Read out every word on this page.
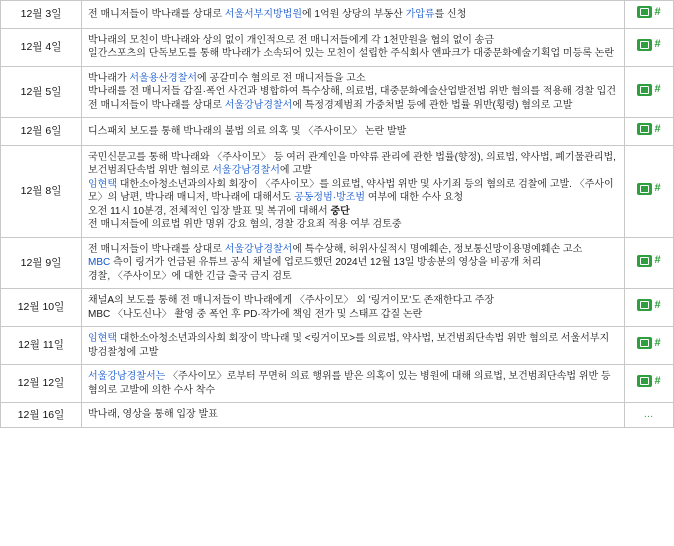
12월 3일	전 매니저들이 박나래를 상대로 서울서부지방법원에 1억원 상당의 부동산 가압류를 신청	#

12월 4일	박나래의 모친이 박나래와 상의 없이 개인적으로 전 매니저들에게 각 1천만원을 협의 없이 송금
일간스포츠의 단독보도를 통해 박나래가 소속되어 있는 모친이 설립한 주식회사 앤파크가 대중문화예술기획업 미등록 논란	#

12월 5일	박나래가 서울용산경찰서에 공갈미수 혐의로 전 매니저들을 고소
박나래를 전 매니저들 갑질·폭언 사건과 병합하여 특수상해, 의료법, 대중문화예술산업발전법 위반 혐의를 적용해 경찰 입건
전 매니저들이 박나래를 상대로 서울강남경찰서에 특정경제범죄 가중처벌 등에 관한 법률 위반(횡령) 혐의로 고발	#

12월 6일	디스패치 보도를 통해 박나래의 불법 의료 의혹 및 〈주사이모〉 논란 발발	#

12월 8일	국민신문고를 통해 박나래와 〈주사이모〉 등 여러 관계인을 마약류 관리에 관한 법률(향정), 의료법, 약사법, 폐기물관리법, 보건범죄단속법 위반 혐의로 서울강남경찰서에 고발
임현택 대한소아청소년과의사회 회장이 〈주사이모〉를 의료법, 약사법 위반 및 사기죄 등의 혐의로 검찰에 고발. 〈주사이모〉의 남편, 박나래 매니저, 박나래에 대해서도 공동정범·방조범 여부에 대한 수사 요청
오전 11시 10분경, 전체적인 입장 발표 및 복귀에 대해서 중단
전 매니저들에 의료법 위반 명위 강요 혐의, 경찰 강요죄 적용 여부 검토중	#

12월 9일	전 매니저들이 박나래를 상대로 서울강남경찰서에 특수상해, 허위사실적시 명예훼손, 정보통신망이용명예훼손 고소
MBC 측이 링거가 언급된 유튜브 공식 채널에 업로드했던 2024년 12월 13일 방송분의 영상을 비공개 처리
경찰, 〈주사이모〉에 대한 긴급 출국 금지 검토	#

12월 10일	채널A의 보도를 통해 전 매니저들이 박나래에게 〈주사이모〉 외 '링거이모'도 존재한다고 주장
MBC 〈나도신나〉 촬영 중 폭언 후 PD·작가에 책임 전가 및 스태프 갑질 논란	#

12월 11일	임현택 대한소아청소년과의사회 회장이 박나래 및 <링거이모>를 의료법, 약사법, 보건범죄단속법 위반 혐의로 서울서부지방검찰청에 고발	#

12월 12일	서울강남경찰서는 〈주사이모〉로부터 무면허 의료 행위를 받은 의혹이 있는 병원에 대해 의료법, 보건범죄단속법 위반 등 혐의로 고발에 의한 수사 착수	#

12월 16일	박나래, 영상을 통해 입장 발표	…
